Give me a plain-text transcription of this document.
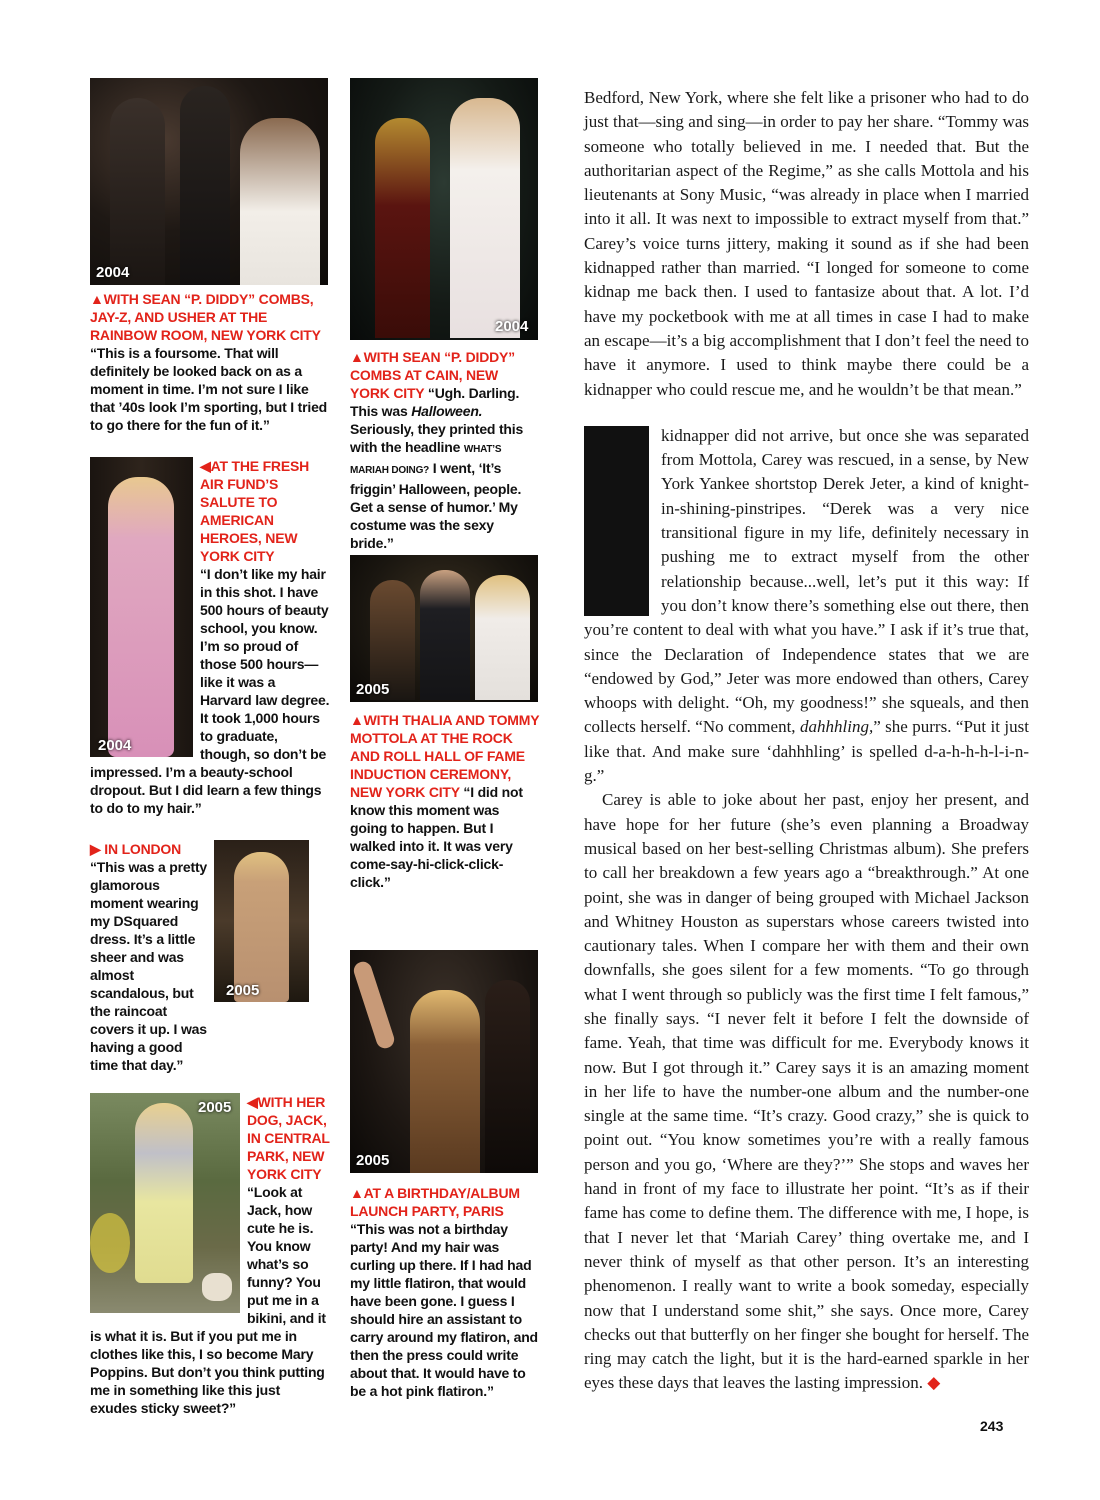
2004
2004
2004
2005
2005
2005
2005
▲WITH SEAN “P. DIDDY” COMBS, JAY-Z, AND USHER AT THE RAINBOW ROOM, NEW YORK CITY “This is a foursome. That will definitely be looked back on as a moment in time. I’m not sure I like that ’40s look I’m sporting, but I tried to go there for the fun of it.”
▲WITH SEAN “P. DIDDY” COMBS AT CAIN, NEW YORK CITY “Ugh. Darling. This was Halloween. Seriously, they printed this with the headline WHAT’S MARIAH DOING? I went, ‘It’s friggin’ Halloween, people. Get a sense of humor.’ My costume was the sexy bride.”
◀AT THE FRESH AIR FUND’S SALUTE TO AMERICAN HEROES, NEW YORK CITY
“I don’t like my hair in this shot. I have 500 hours of beauty school, you know. I’m so proud of those 500 hours—like it was a Harvard law degree. It took 1,000 hours to graduate, though, so don’t be impressed. I’m a beauty-school dropout. But I did learn a few things to do to my hair.”
▲WITH THALIA AND TOMMY MOTTOLA AT THE ROCK AND ROLL HALL OF FAME INDUCTION CEREMONY, NEW YORK CITY “I did not know this moment was going to happen. But I walked into it. It was very come-say-hi-click-click-click.”
▶ IN LONDON
“This was a pretty glamorous moment wearing my DSquared dress. It’s a little sheer and was almost scandalous, but the raincoat covers it up. I was having a good time that day.”
◀WITH HER DOG, JACK, IN CENTRAL PARK, NEW YORK CITY
“Look at Jack, how cute he is. You know what’s so funny? You put me in a bikini, and it is what it is. But if you put me in clothes like this, I so become Mary Poppins. But don’t you think putting me in something like this just exudes sticky sweet?”
▲AT A BIRTHDAY/ALBUM LAUNCH PARTY, PARIS
“This was not a birthday party! And my hair was curling up there. If I had had my little flatiron, that would have been gone. I guess I should hire an assistant to carry around my flatiron, and then the press could write about that. It would have to be a hot pink flatiron.”

Bedford, New York, where she felt like a prisoner who had to do just that—sing and sing—in order to pay her share. “Tommy was someone who totally believed in me. I needed that. But the authoritarian aspect of the Regime,” as she calls Mottola and his lieutenants at Sony Music, “was already in place when I married into it all. It was next to impossible to extract myself from that.” Carey’s voice turns jittery, making it sound as if she had been kidnapped rather than married. “I longed for someone to come kidnap me back then. I used to fantasize about that. A lot. I’d have my pocketbook with me at all times in case I had to make an escape—it’s a big accomplishment that I don’t feel the need to have it anymore. I used to think maybe there could be a kidnapper who could rescue me, and he wouldn’t be that mean.”

kidnapper did not arrive, but once she was separated from Mottola, Carey was rescued, in a sense, by New York Yankee shortstop Derek Jeter, a kind of knight-in-shining-pinstripes. “Derek was a very nice transitional figure in my life, definitely necessary in pushing me to extract myself from the other relationship because...well, let’s put it this way: If you don’t know there’s something else out there, then you’re content to deal with what you have.” I ask if it’s true that, since the Declaration of Independence states that we are “endowed by God,” Jeter was more endowed than others, Carey whoops with delight. “Oh, my goodness!” she squeals, and then collects herself. “No comment, dahhhling,” she purrs. “Put it just like that. And make sure ‘dahhhling’ is spelled d-a-h-h-h-l-i-n-g.”

Carey is able to joke about her past, enjoy her present, and have hope for her future (she’s even planning a Broadway musical based on her best-selling Christmas album). She prefers to call her breakdown a few years ago a “breakthrough.” At one point, she was in danger of being grouped with Michael Jackson and Whitney Houston as superstars whose careers twisted into cautionary tales. When I compare her with them and their own downfalls, she goes silent for a few moments. “To go through what I went through so publicly was the first time I felt famous,” she finally says. “I never felt it before I felt the downside of fame. Yeah, that time was difficult for me. Everybody knows it now. But I got through it.” Carey says it is an amazing moment in her life to have the number-one album and the number-one single at the same time. “It’s crazy. Good crazy,” she is quick to point out. “You know sometimes you’re with a really famous person and you go, ‘Where are they?’” She stops and waves her hand in front of my face to illustrate her point. “It’s as if their fame has come to define them. The difference with me, I hope, is that I never let that ‘Mariah Carey’ thing overtake me, and I never think of myself as that other person. It’s an interesting phenomenon. I really want to write a book someday, especially now that I understand some shit,” she says. Once more, Carey checks out that butterfly on her finger she bought for herself. The ring may catch the light, but it is the hard-earned sparkle in her eyes these days that leaves the lasting impression. ◆

243
